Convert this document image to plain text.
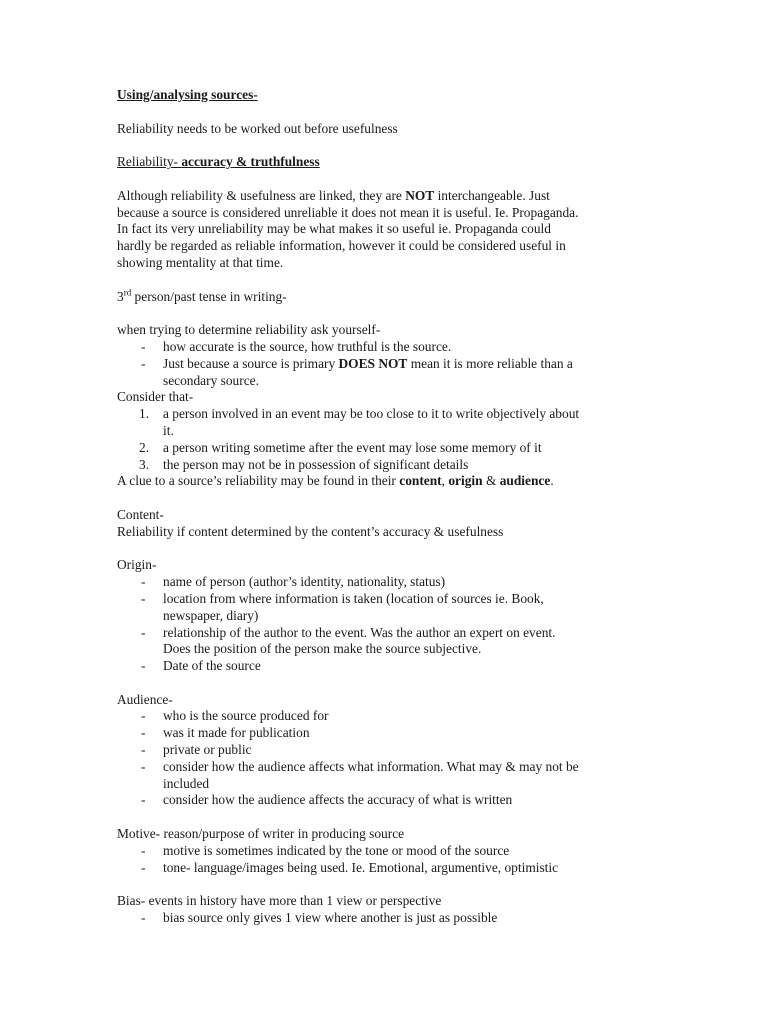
Using/analysing sources-

Reliability needs to be worked out before usefulness

Reliability- accuracy & truthfulness

Although reliability & usefulness are linked, they are NOT interchangeable. Just

because a source is considered unreliable it does not mean it is useful. Ie. Propaganda.

In fact its very unreliability may be what makes it so useful ie. Propaganda could

hardly be regarded as reliable information, however it could be considered useful in

showing mentality at that time.

3rd person/past tense in writing-

when trying to determine reliability ask yourself-

- how accurate is the source, how truthful is the source.
- Just because a source is primary DOES NOT mean it is more reliable than a
secondary source.

Consider that-

1. a person involved in an event may be too close to it to write objectively about
it.
2. a person writing sometime after the event may lose some memory of it
3. the person may not be in possession of significant details

A clue to a source’s reliability may be found in their content, origin & audience.

Content-

Reliability if content determined by the content’s accuracy & usefulness

Origin-

- name of person (author’s identity, nationality, status)
- location from where information is taken (location of sources ie. Book,
newspaper, diary)
- relationship of the author to the event. Was the author an expert on event.
Does the position of the person make the source subjective.
- Date of the source

Audience-

- who is the source produced for
- was it made for publication
- private or public
- consider how the audience affects what information. What may & may not be
included
- consider how the audience affects the accuracy of what is written

Motive- reason/purpose of writer in producing source

- motive is sometimes indicated by the tone or mood of the source
- tone- language/images being used. Ie. Emotional, argumentive, optimistic

Bias- events in history have more than 1 view or perspective

- bias source only gives 1 view where another is just as possible
